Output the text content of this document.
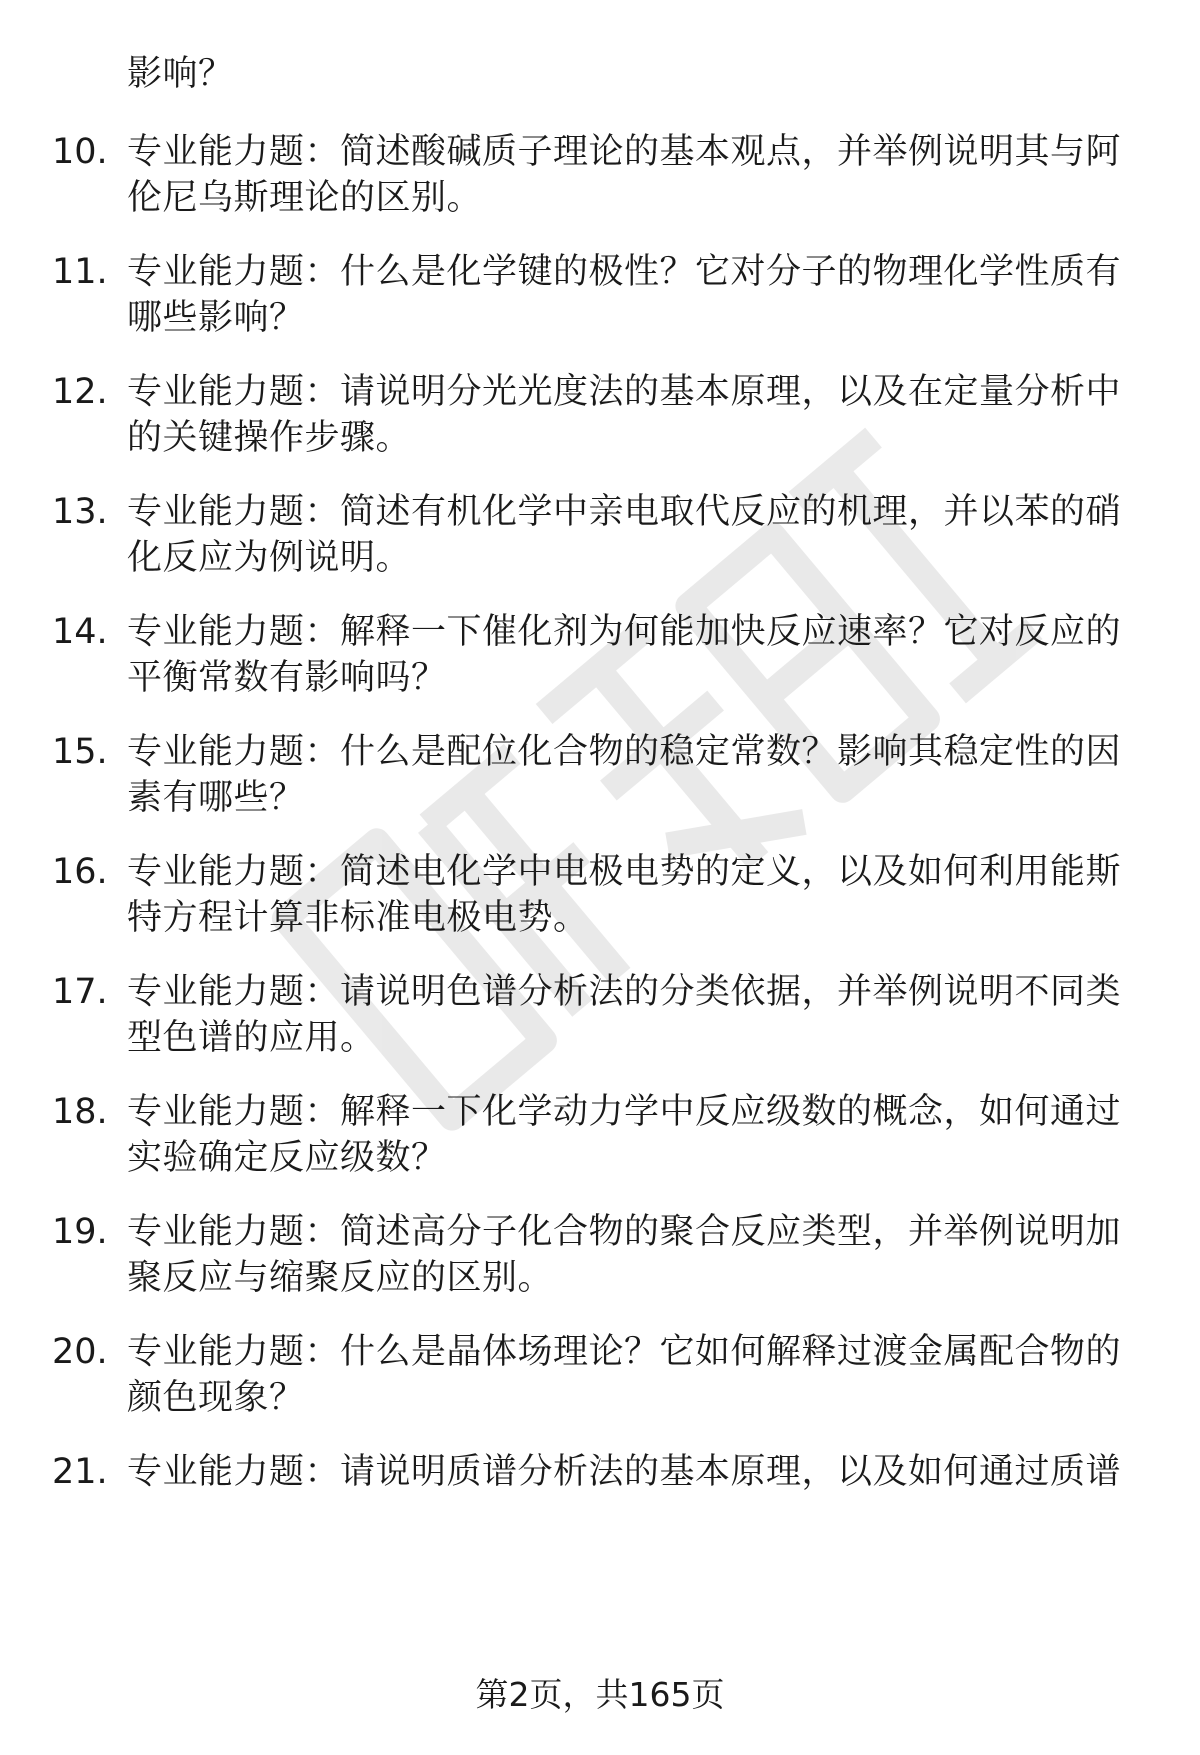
影响？
10. 专业能力题：简述酸碱质子理论的基本观点，并举例说明其与阿
伦尼乌斯理论的区别。
11. 专业能力题：什么是化学键的极性？它对分子的物理化学性质有
哪些影响？
12. 专业能力题：请说明分光光度法的基本原理，以及在定量分析中
的关键操作步骤。
13. 专业能力题：简述有机化学中亲电取代反应的机理，并以苯的硝
化反应为例说明。
14. 专业能力题：解释一下催化剂为何能加快反应速率？它对反应的
平衡常数有影响吗？
15. 专业能力题：什么是配位化合物的稳定常数？影响其稳定性的因
素有哪些？
16. 专业能力题：简述电化学中电极电势的定义，以及如何利用能斯
特方程计算非标准电极电势。
17. 专业能力题：请说明色谱分析法的分类依据，并举例说明不同类
型色谱的应用。
18. 专业能力题：解释一下化学动力学中反应级数的概念，如何通过
实验确定反应级数？
19. 专业能力题：简述高分子化合物的聚合反应类型，并举例说明加
聚反应与缩聚反应的区别。
20. 专业能力题：什么是晶体场理论？它如何解释过渡金属配合物的
颜色现象？
21. 专业能力题：请说明质谱分析法的基本原理，以及如何通过质谱
第2页，共165页
